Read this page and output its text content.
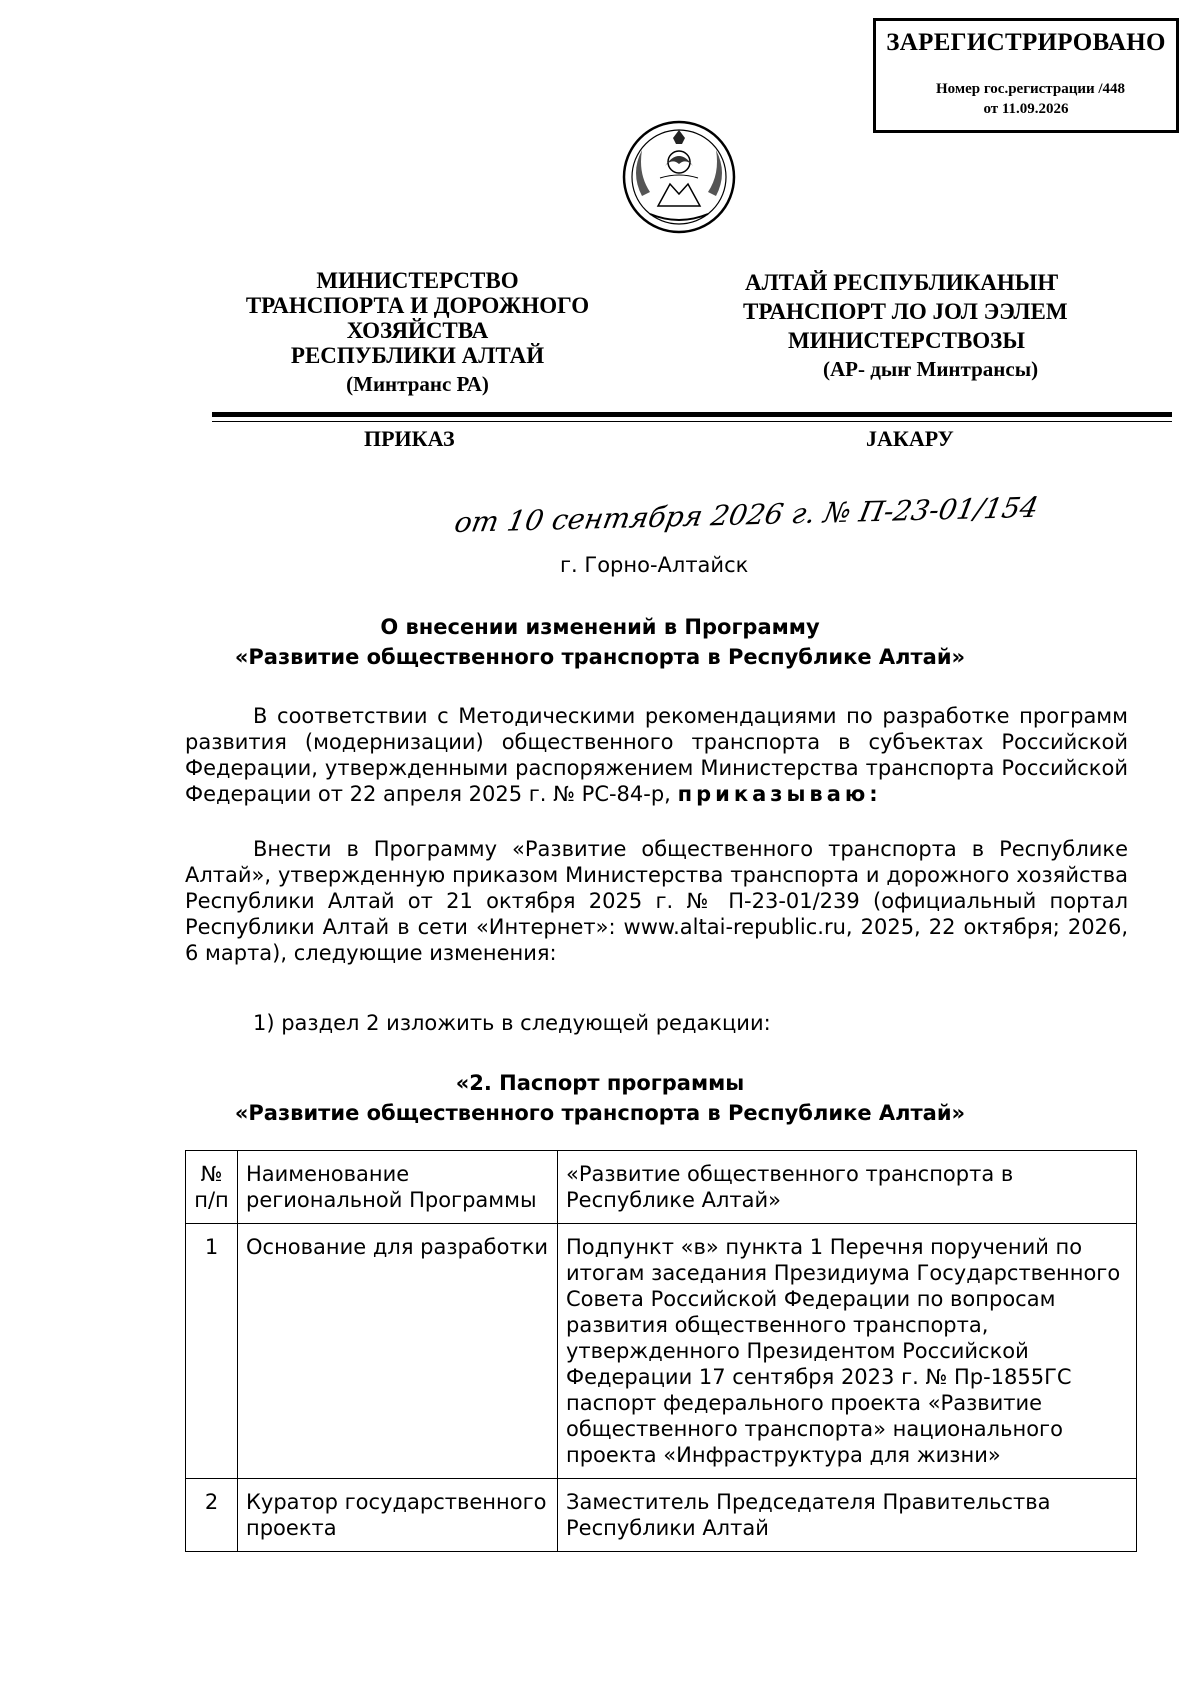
ЗАРЕГИСТРИРОВАНО
Номер гос.регистрации /448
от 11.09.2026
МИНИСТЕРСТВО
ТРАНСПОРТА И ДОРОЖНОГО
ХОЗЯЙСТВА
РЕСПУБЛИКИ АЛТАЙ
(Минтранс РА)
АЛТАЙ РЕСПУБЛИКАНЫҤ
ТРАНСПОРТ ЛО JОЛ ЭЭЛЕМ
МИНИСТЕРСТВОЗЫ
(АР- дыҥ Минтрансы)
ПРИКАЗ	JАКАРУ
от 10 сентября 2026 г. № П-23-01/154
г. Горно-Алтайск
О внесении изменений в Программу
«Развитие общественного транспорта в Республике Алтай»
В соответствии с Методическими рекомендациями по разработке программ развития (модернизации) общественного транспорта в субъектах Российской Федерации, утвержденными распоряжением Министерства транспорта Российской Федерации от 22 апреля 2025 г. № РС-84-р, приказываю:
Внести в Программу «Развитие общественного транспорта в Республике Алтай», утвержденную приказом Министерства транспорта и дорожного хозяйства Республики Алтай от 21 октября 2025 г. № П-23-01/239 (официальный портал Республики Алтай в сети «Интернет»: www.altai-republic.ru, 2025, 22 октября; 2026, 6 марта), следующие изменения:
1) раздел 2 изложить в следующей редакции:
«2. Паспорт программы
«Развитие общественного транспорта в Республике Алтай»
№ п/п	Наименование региональной Программы	«Развитие общественного транспорта в Республике Алтай»
1	Основание для разработки	Подпункт «в» пункта 1 Перечня поручений по итогам заседания Президиума Государственного Совета Российской Федерации по вопросам развития общественного транспорта, утвержденного Президентом Российской Федерации 17 сентября 2023 г. № Пр-1855ГС паспорт федерального проекта «Развитие общественного транспорта» национального проекта «Инфраструктура для жизни»
2	Куратор государственного проекта	Заместитель Председателя Правительства Республики Алтай
